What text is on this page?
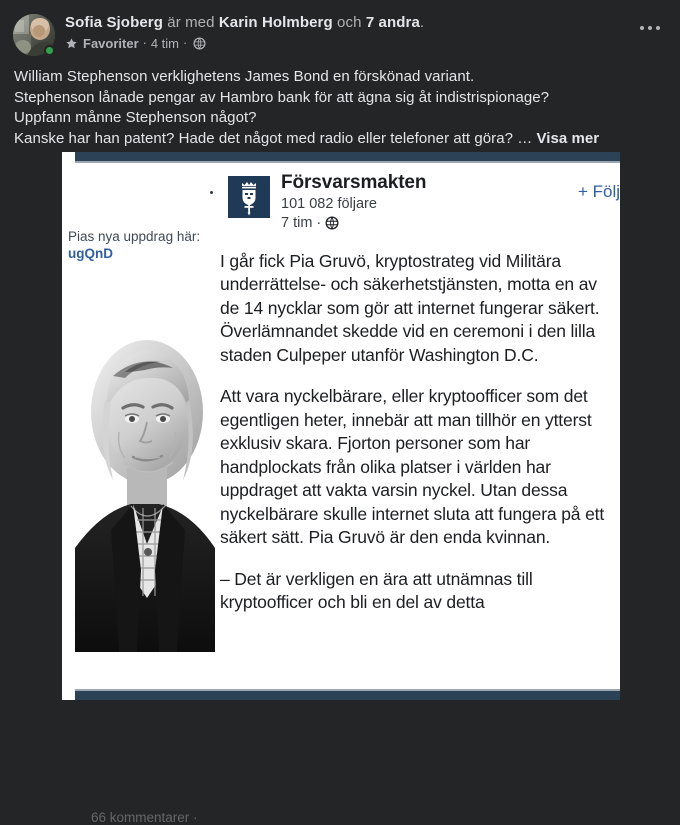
Sofia Sjoberg är med Karin Holmberg och 7 andra.
Favoriter · 4 tim ·

William Stephenson verklighetens James Bond en förskönad variant.

Stephenson lånade pengar av Hambro bank för att ägna sig åt indistrispionage?

Uppfann månne Stephenson något?

Kanske har han patent? Hade det något med radio eller telefoner att göra? … Visa mer

Pias nya uppdrag här:
ugQnD
66 kommentarer ·
Försvarsmakten
101 082 följare
7 tim ·
+ Följ

I går fick Pia Gruvö, kryptostrateg vid Militära underrättelse- och säkerhetstjänsten, motta en av de 14 nycklar som gör att internet fungerar säkert. Överlämnandet skedde vid en ceremoni i den lilla staden Culpeper utanför Washington D.C.

Att vara nyckelbärare, eller kryptoofficer som det egentligen heter, innebär att man tillhör en ytterst exklusiv skara. Fjorton personer som har handplockats från olika platser i världen har uppdraget att vakta varsin nyckel. Utan dessa nyckelbärare skulle internet sluta att fungera på ett säkert sätt. Pia Gruvö är den enda kvinnan.

– Det är verkligen en ära att utnämnas till kryptoofficer och bli en del av detta
